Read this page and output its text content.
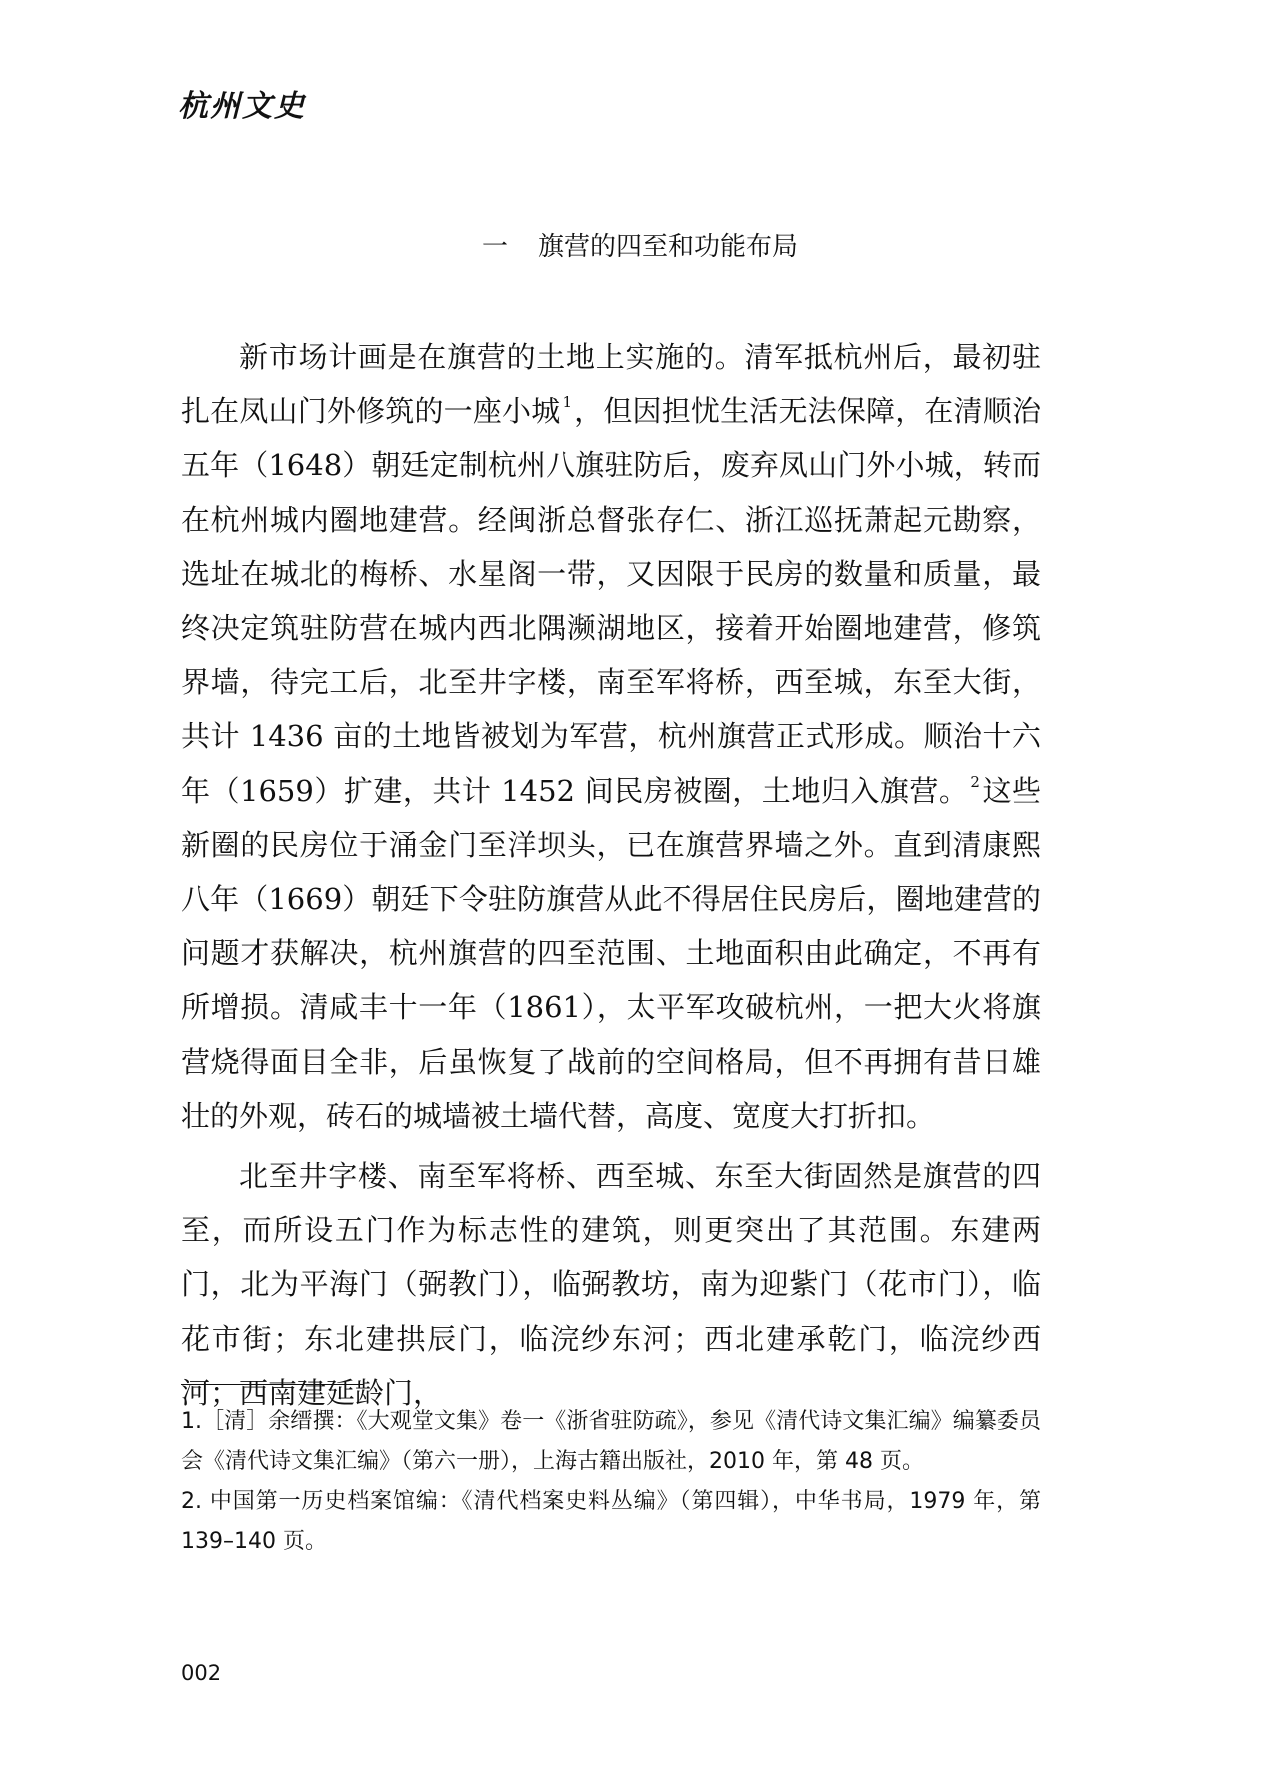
杭州文史
一 旗营的四至和功能布局

新市场计画是在旗营的土地上实施的。清军抵杭州后，最初驻扎在凤山门外修筑的一座小城 $^1$，但因担忧生活无法保障，在清顺治五年（1648）朝廷定制杭州八旗驻防后，废弃凤山门外小城，转而在杭州城内圈地建营。经闽浙总督张存仁、浙江巡抚萧起元勘察，选址在城北的梅桥、水星阁一带，又因限于民房的数量和质量，最终决定筑驻防营在城内西北隅濒湖地区，接着开始圈地建营，修筑界墙，待完工后，北至井字楼，南至军将桥，西至城，东至大街，共计 1436 亩的土地皆被划为军营，杭州旗营正式形成。顺治十六年（1659）扩建，共计 1452 间民房被圈，土地归入旗营。 $^2$这些新圈的民房位于涌金门至洋坝头，已在旗营界墙之外。直到清康熙八年（1669）朝廷下令驻防旗营从此不得居住民房后，圈地建营的问题才获解决，杭州旗营的四至范围、土地面积由此确定，不再有所增损。清咸丰十一年（1861），太平军攻破杭州，一把大火将旗营烧得面目全非，后虽恢复了战前的空间格局，但不再拥有昔日雄壮的外观，砖石的城墙被土墙代替，高度、宽度大打折扣。

北至井字楼、南至军将桥、西至城、东至大街固然是旗营的四至，而所设五门作为标志性的建筑，则更突出了其范围。东建两门，北为平海门（弼教门），临弼教坊，南为迎紫门（花市门），临花市街；东北建拱辰门，临浣纱东河；西北建承乾门，临浣纱西河；西南建延龄门，

1.［清］余缙撰：《大观堂文集》卷一《浙省驻防疏》，参见《清代诗文集汇编》编纂委员会《清代诗文集汇编》（第六一册），上海古籍出版社，2010 年，第 48 页。

2. 中国第一历史档案馆编：《清代档案史料丛编》（第四辑），中华书局，1979 年，第 139–140 页。

002
